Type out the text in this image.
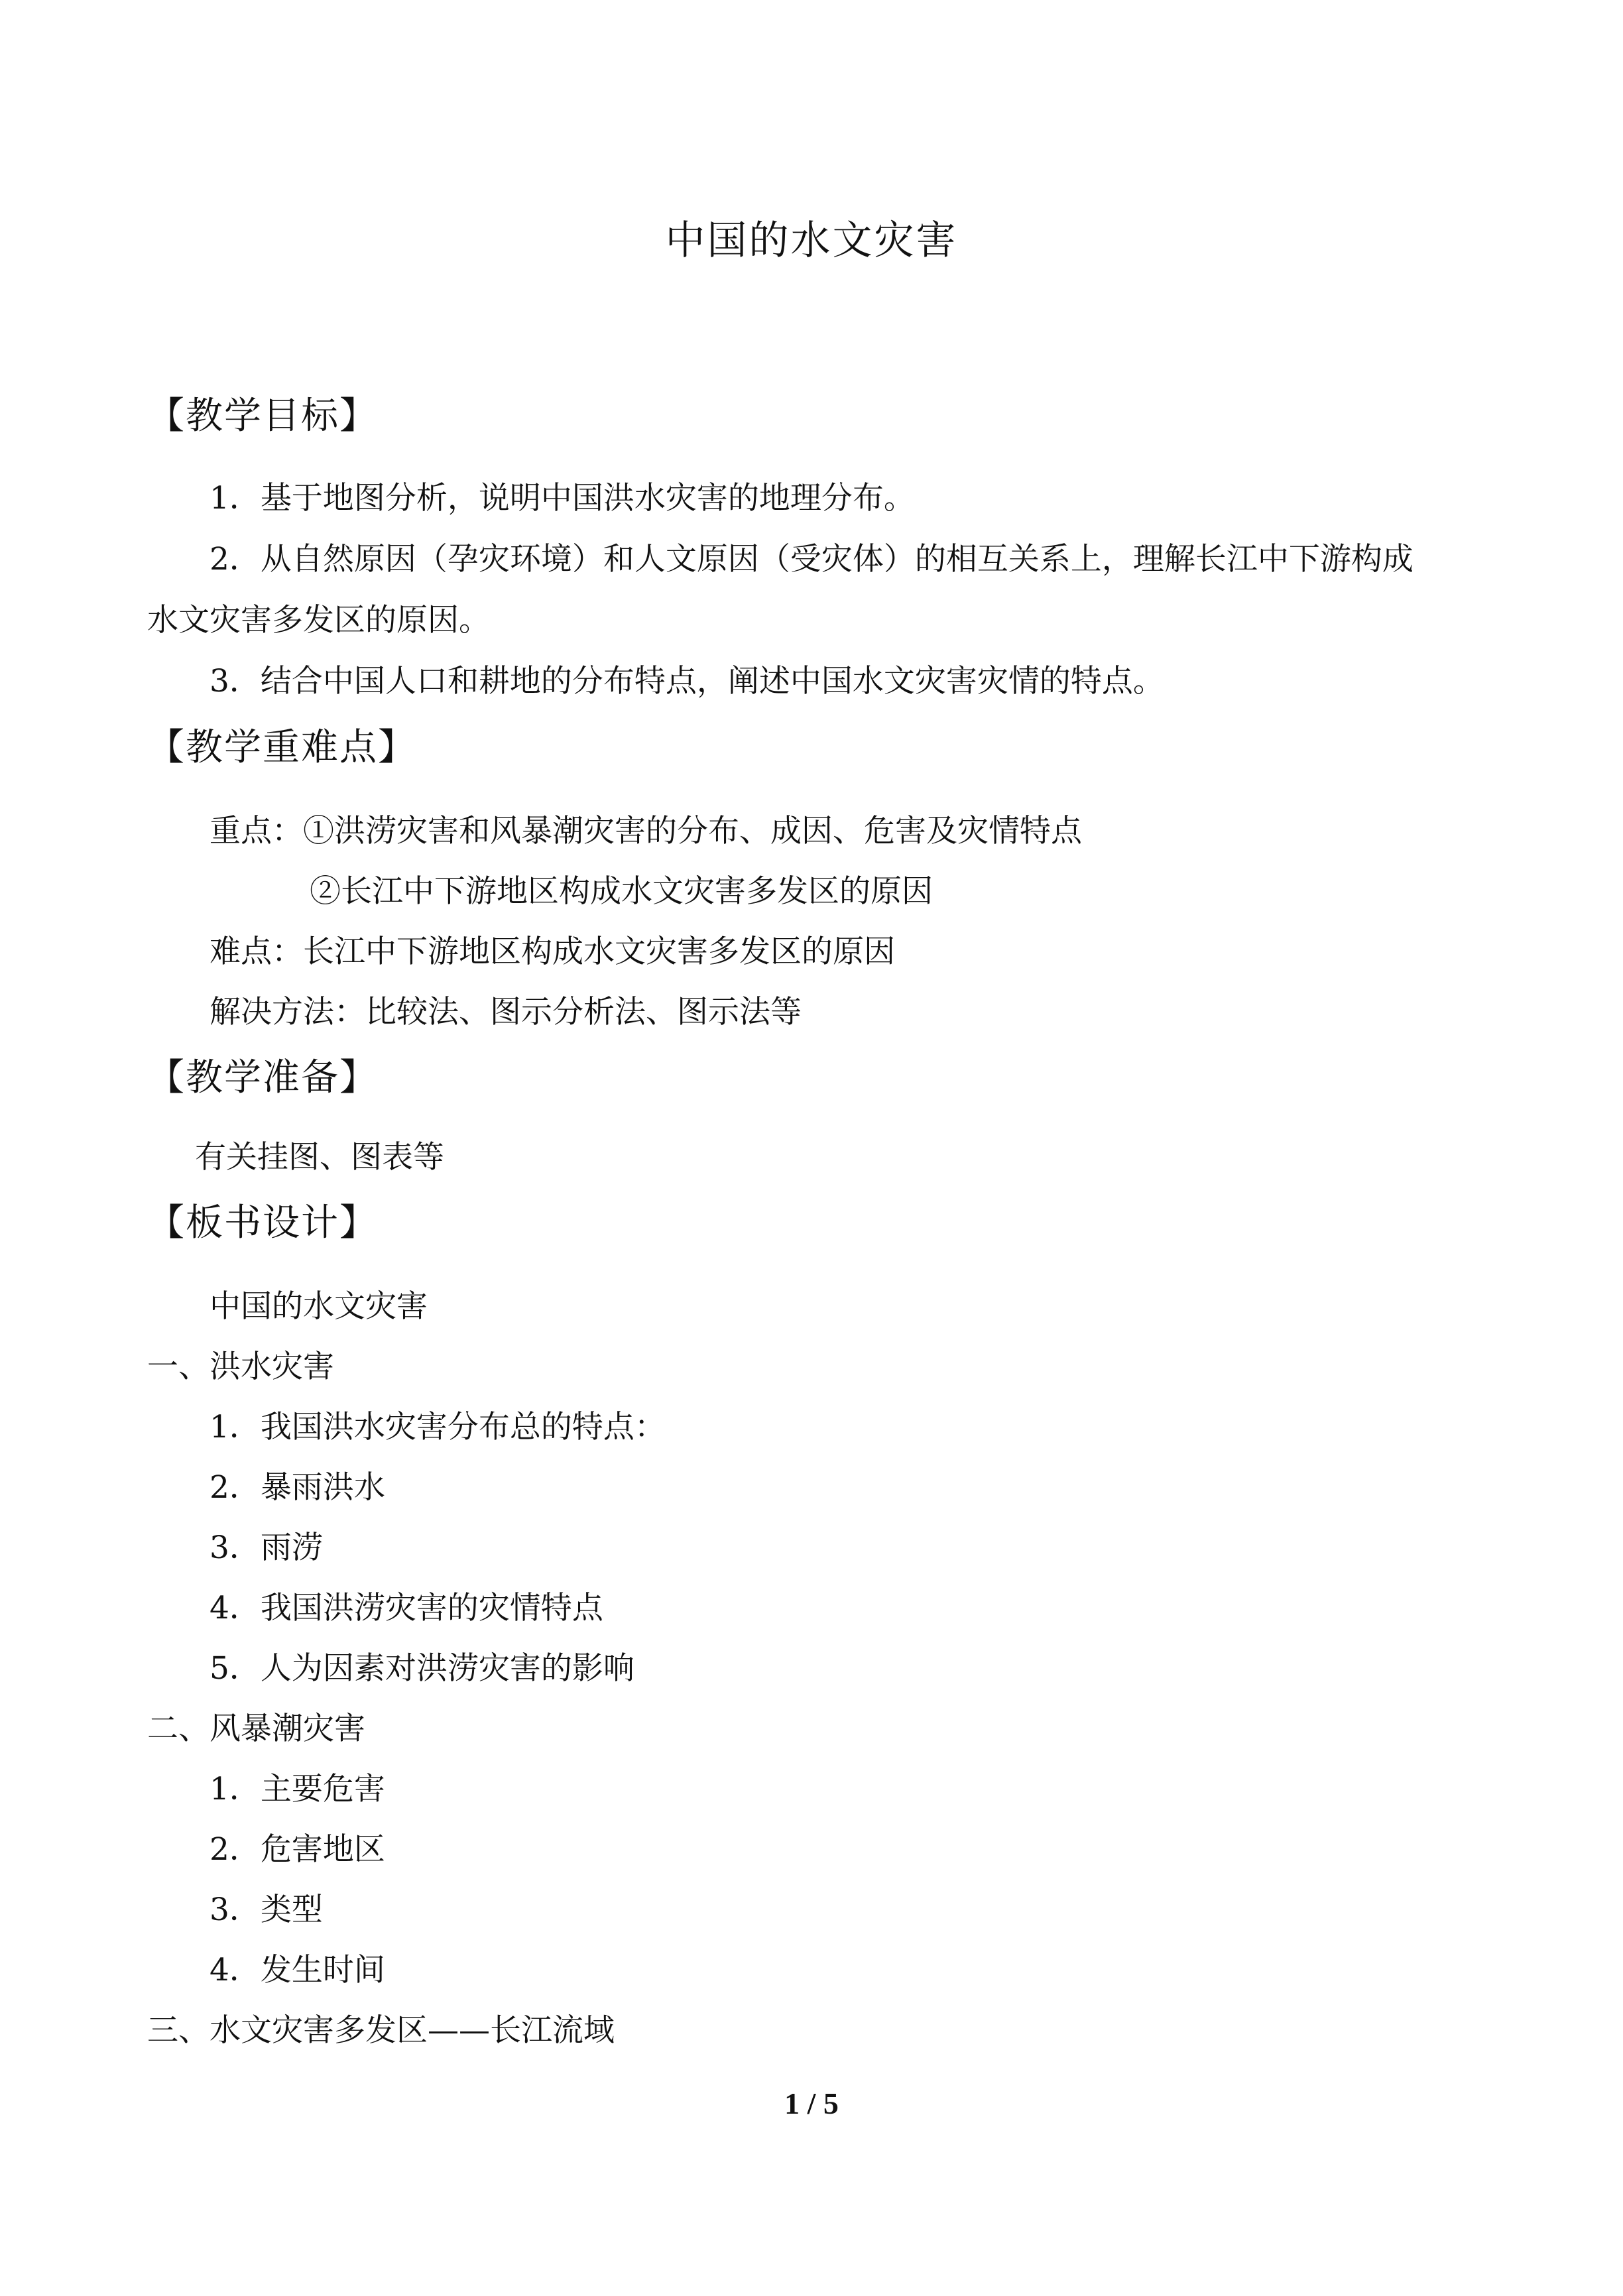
中国的水文灾害
【教学目标】

1．基于地图分析，说明中国洪水灾害的地理分布。

2．从自然原因（孕灾环境）和人文原因（受灾体）的相互关系上，理解长江中下游构成

水文灾害多发区的原因。

3．结合中国人口和耕地的分布特点，阐述中国水文灾害灾情的特点。

【教学重难点】

重点：①洪涝灾害和风暴潮灾害的分布、成因、危害及灾情特点

②长江中下游地区构成水文灾害多发区的原因

难点：长江中下游地区构成水文灾害多发区的原因

解决方法：比较法、图示分析法、图示法等

【教学准备】

有关挂图、图表等

【板书设计】

中国的水文灾害

一、洪水灾害

1．我国洪水灾害分布总的特点：

2．暴雨洪水

3．雨涝

4．我国洪涝灾害的灾情特点

5．人为因素对洪涝灾害的影响

二、风暴潮灾害

1．主要危害

2．危害地区

3．类型

4．发生时间

三、水文灾害多发区——长江流域

1 / 5
